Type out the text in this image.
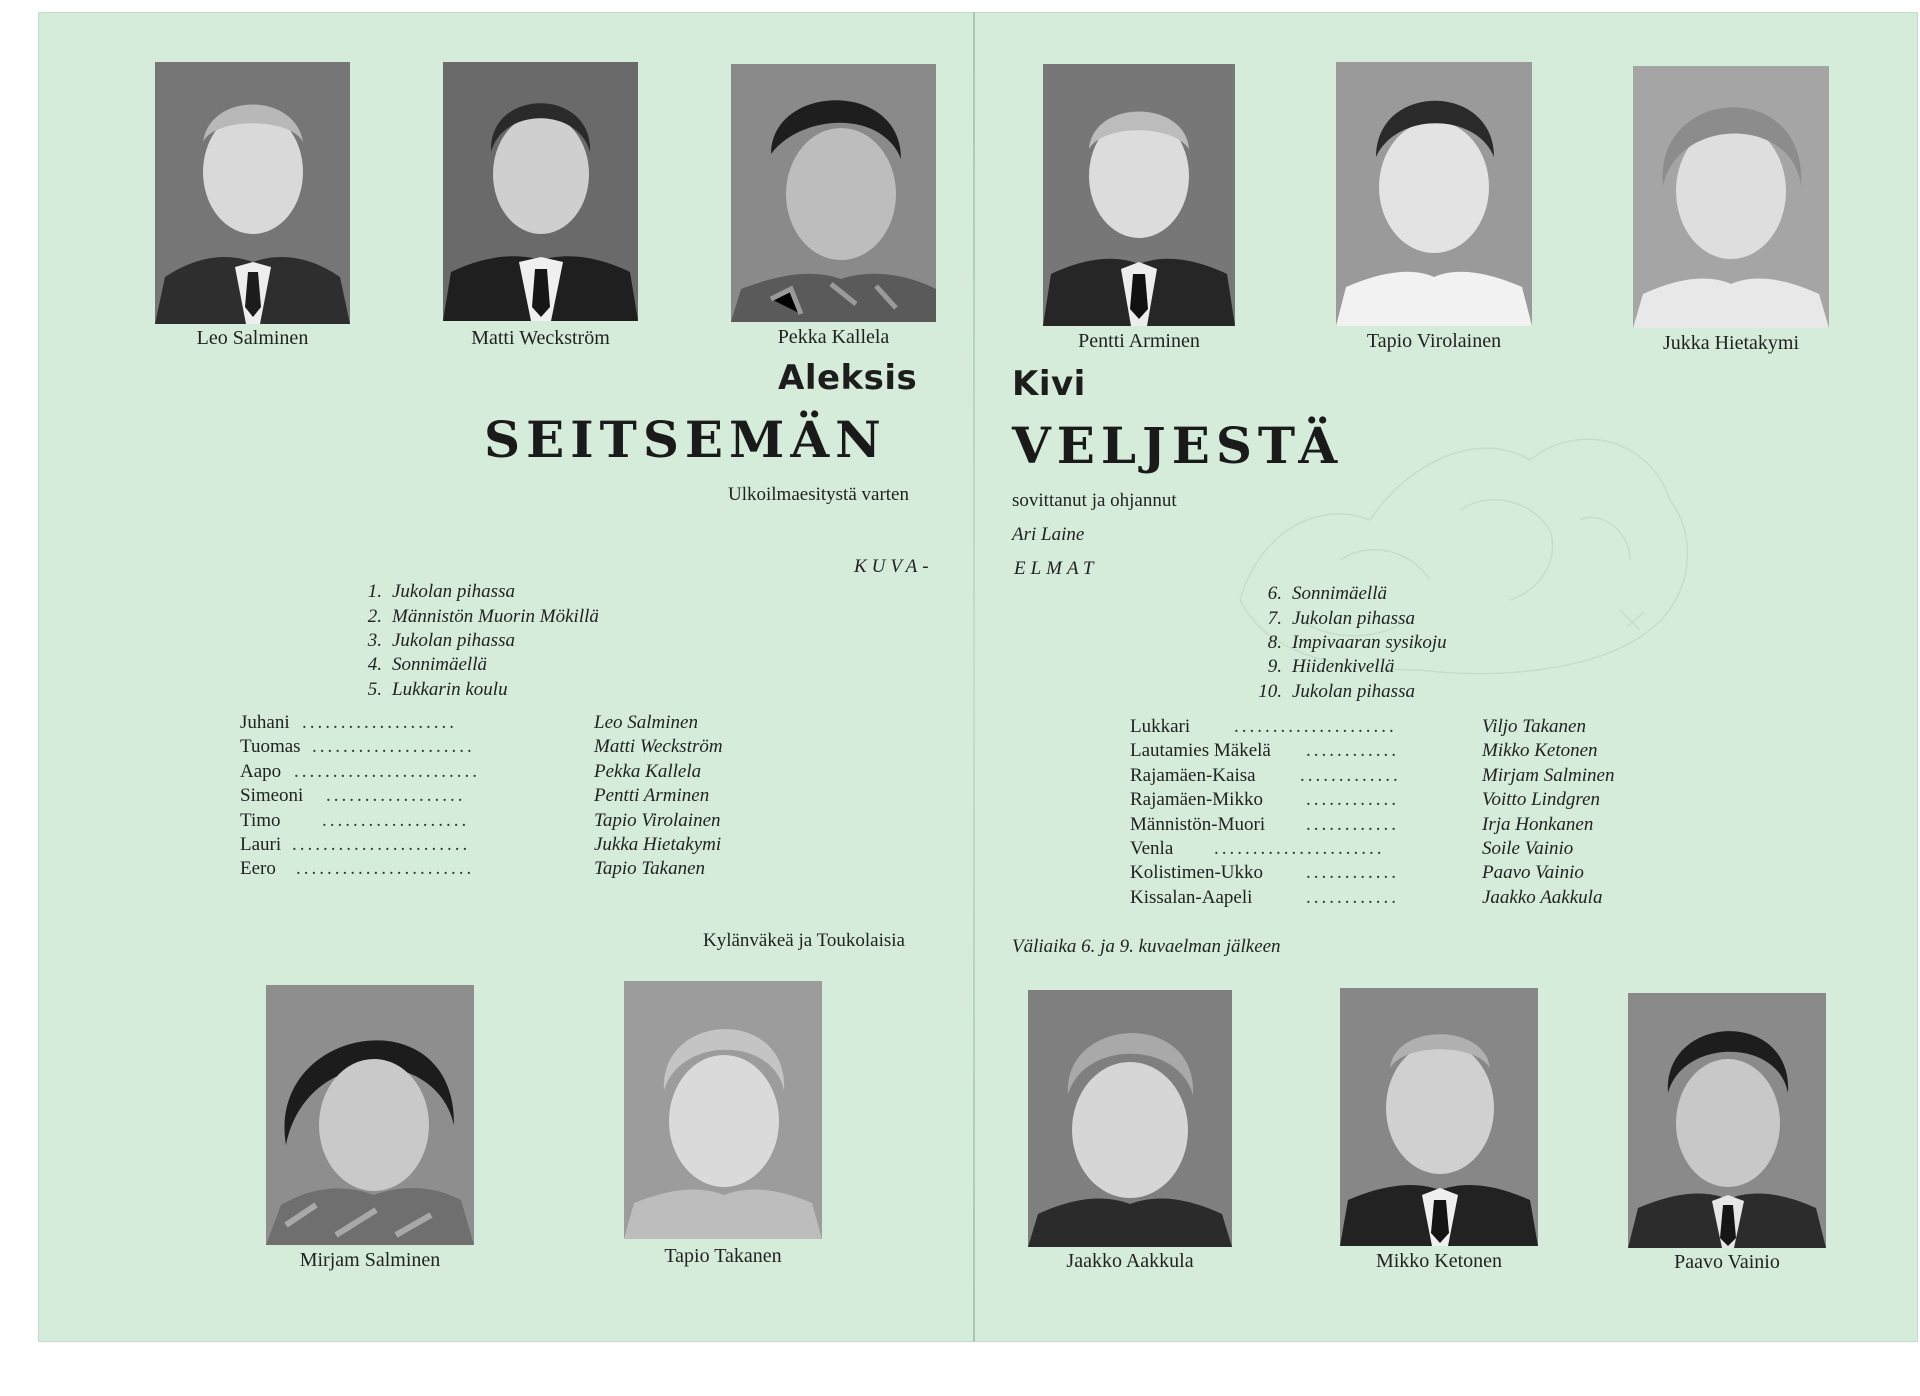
Leo Salminen	Matti Weckström	Pekka Kallela	Pentti Arminen	Tapio Virolainen	Jukka Hietakymi
Aleksis	Kivi
SEITSEMÄN	VELJESTÄ
Ulkoilmaesitystä varten	sovittanut ja ohjannut
Ari Laine
KUVA-	ELMAT
1. Jukolan pihassa
2. Männistön Muorin Mökillä
3. Jukolan pihassa
4. Sonnimäellä
5. Lukkarin koulu
6. Sonnimäellä
7. Jukolan pihassa
8. Impivaaran sysikoju
9. Hiidenkivellä
10. Jukolan pihassa
Juhani ....................	Leo Salminen
Tuomas .....................	Matti Weckström
Aapo ........................	Pekka Kallela
Simeoni ..................	Pentti Arminen
Timo ...................	Tapio Virolainen
Lauri .......................	Jukka Hietakymi
Eero .......................	Tapio Takanen
Kylänväkeä ja Toukolaisia
Lukkari .....................	Viljo Takanen
Lautamies Mäkelä ............	Mikko Ketonen
Rajamäen-Kaisa .............	Mirjam Salminen
Rajamäen-Mikko ............	Voitto Lindgren
Männistön-Muori ............	Irja Honkanen
Venla ......................	Soile Vainio
Kolistimen-Ukko ............	Paavo Vainio
Kissalan-Aapeli	............	Jaakko Aakkula
Väliaika 6. ja 9. kuvaelman jälkeen
Mirjam Salminen	Tapio Takanen	Jaakko Aakkula	Mikko Ketonen	Paavo Vainio
